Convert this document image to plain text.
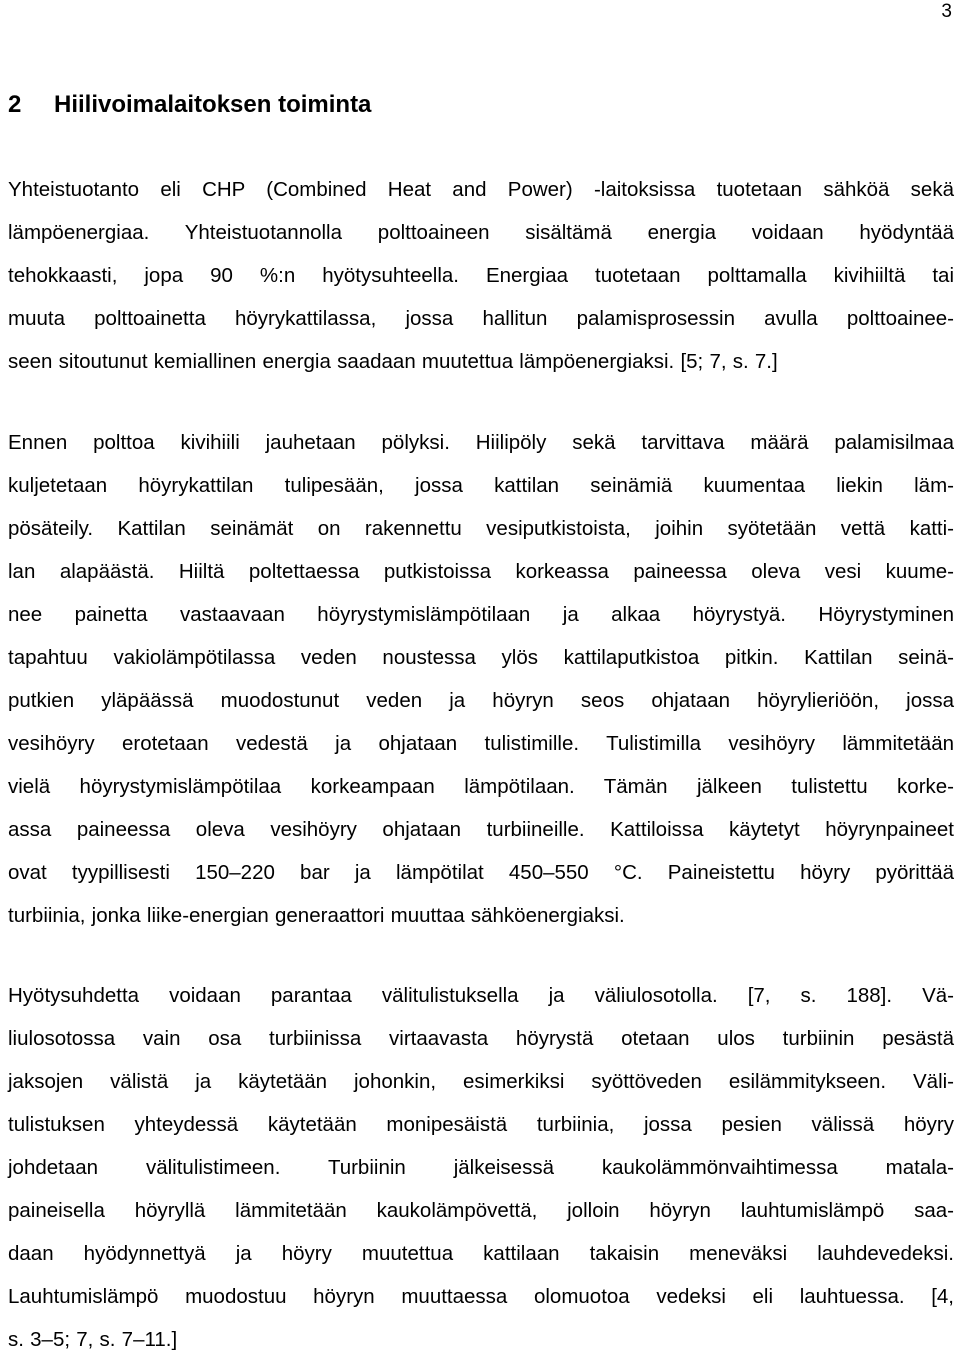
3
2 Hiilivoimalaitoksen toiminta
Yhteistuotanto eli CHP (Combined Heat and Power) -laitoksissa tuotetaan sähköä sekä
lämpöenergiaa. Yhteistuotannolla polttoaineen sisältämä energia voidaan hyödyntää
tehokkaasti, jopa 90 %:n hyötysuhteella. Energiaa tuotetaan polttamalla kivihiiltä tai
muuta polttoainetta höyrykattilassa, jossa hallitun palamisprosessin avulla polttoainee-
seen sitoutunut kemiallinen energia saadaan muutettua lämpöenergiaksi. [5; 7, s. 7.]
Ennen polttoa kivihiili jauhetaan pölyksi. Hiilipöly sekä tarvittava määrä palamisilmaa
kuljetetaan höyrykattilan tulipesään, jossa kattilan seinämiä kuumentaa liekin läm-
pösäteily. Kattilan seinämät on rakennettu vesiputkistoista, joihin syötetään vettä katti-
lan alapäästä. Hiiltä poltettaessa putkistoissa korkeassa paineessa oleva vesi kuume-
nee painetta vastaavaan höyrystymislämpötilaan ja alkaa höyrystyä. Höyrystyminen
tapahtuu vakiolämpötilassa veden noustessa ylös kattilaputkistoa pitkin. Kattilan seinä-
putkien yläpäässä muodostunut veden ja höyryn seos ohjataan höyrylieriöön, jossa
vesihöyry erotetaan vedestä ja ohjataan tulistimille. Tulistimilla vesihöyry lämmitetään
vielä höyrystymislämpötilaa korkeampaan lämpötilaan. Tämän jälkeen tulistettu korke-
assa paineessa oleva vesihöyry ohjataan turbiineille. Kattiloissa käytetyt höyrynpaineet
ovat tyypillisesti 150–220 bar ja lämpötilat 450–550 °C. Paineistettu höyry pyörittää
turbiinia, jonka liike-energian generaattori muuttaa sähköenergiaksi.
Hyötysuhdetta voidaan parantaa välitulistuksella ja väliulosotolla. [7, s. 188]. Vä-
liulosotossa vain osa turbiinissa virtaavasta höyrystä otetaan ulos turbiinin pesästä
jaksojen välistä ja käytetään johonkin, esimerkiksi syöttöveden esilämmitykseen. Väli-
tulistuksen yhteydessä käytetään monipesäistä turbiinia, jossa pesien välissä höyry
johdetaan välitulistimeen. Turbiinin jälkeisessä kaukolämmönvaihtimessa matala-
paineisella höyryllä lämmitetään kaukolämpövettä, jolloin höyryn lauhtumislämpö saa-
daan hyödynnettyä ja höyry muutettua kattilaan takaisin meneväksi lauhdevedeksi.
Lauhtumislämpö muodostuu höyryn muuttaessa olomuotoa vedeksi eli lauhtuessa. [4,
s. 3–5; 7, s. 7–11.]
